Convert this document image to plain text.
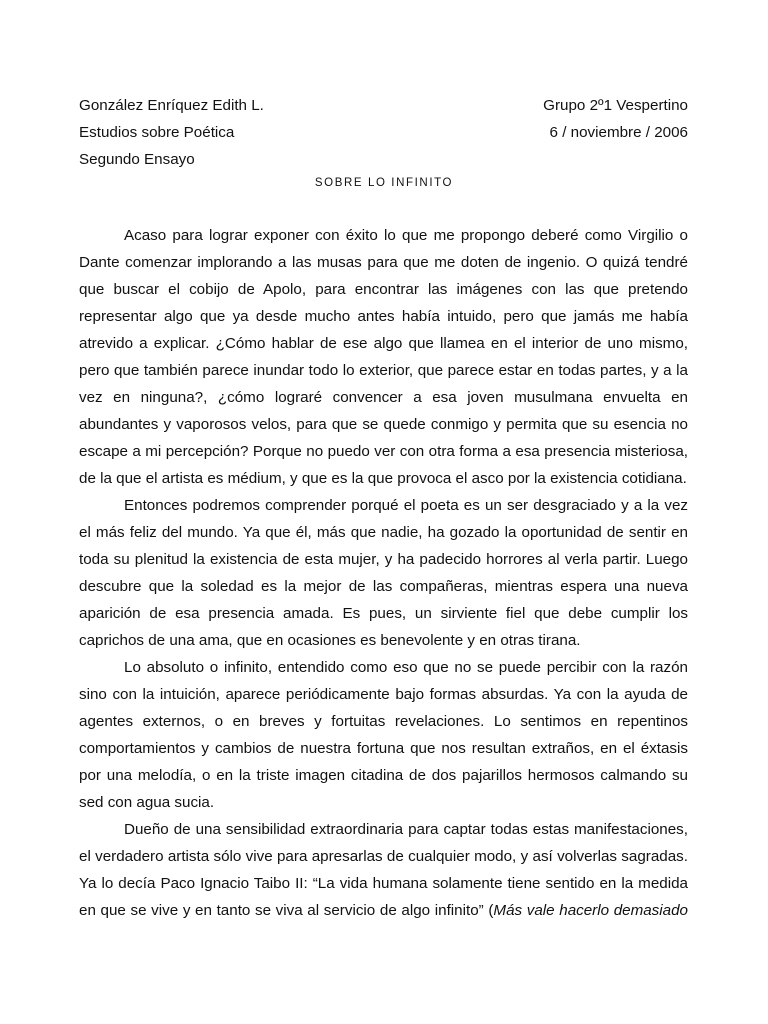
González Enríquez Edith L.	Grupo 2º1 Vespertino
Estudios sobre Poética	6 / noviembre / 2006
Segundo Ensayo
SOBRE LO INFINITO

Acaso para lograr exponer con éxito lo que me propongo deberé como Virgilio o Dante comenzar implorando a las musas para que me doten de ingenio. O quizá tendré que buscar el cobijo de Apolo, para encontrar las imágenes con las que pretendo representar algo que ya desde mucho antes había intuido, pero que jamás me había atrevido a explicar. ¿Cómo hablar de ese algo que llamea en el interior de uno mismo, pero que también parece inundar todo lo exterior, que parece estar en todas partes, y a la vez en ninguna?, ¿cómo lograré convencer a esa joven musulmana envuelta en abundantes y vaporosos velos, para que se quede conmigo y permita que su esencia no escape a mi percepción? Porque no puedo ver con otra forma a esa presencia misteriosa, de la que el artista es médium, y que es la que provoca el asco por la existencia cotidiana.

Entonces podremos comprender porqué el poeta es un ser desgraciado y a la vez el más feliz del mundo. Ya que él, más que nadie, ha gozado la oportunidad de sentir en toda su plenitud la existencia de esta mujer, y ha padecido horrores al verla partir. Luego descubre que la soledad es la mejor de las compañeras, mientras espera una nueva aparición de esa presencia amada. Es pues, un sirviente fiel que debe cumplir los caprichos de una ama, que en ocasiones es benevolente y en otras tirana.

Lo absoluto o infinito, entendido como eso que no se puede percibir con la razón sino con la intuición, aparece periódicamente bajo formas absurdas. Ya con la ayuda de agentes externos, o en breves y fortuitas revelaciones. Lo sentimos en repentinos comportamientos y cambios de nuestra fortuna que nos resultan extraños, en el éxtasis por una melodía, o en la triste imagen citadina de dos pajarillos hermosos calmando su sed con agua sucia.

Dueño de una sensibilidad extraordinaria para captar todas estas manifestaciones, el verdadero artista sólo vive para apresarlas de cualquier modo, y así volverlas sagradas. Ya lo decía Paco Ignacio Taibo II: “La vida humana solamente tiene sentido en la medida en que se vive y en tanto se viva al servicio de algo infinito” (Más vale hacerlo demasiado
